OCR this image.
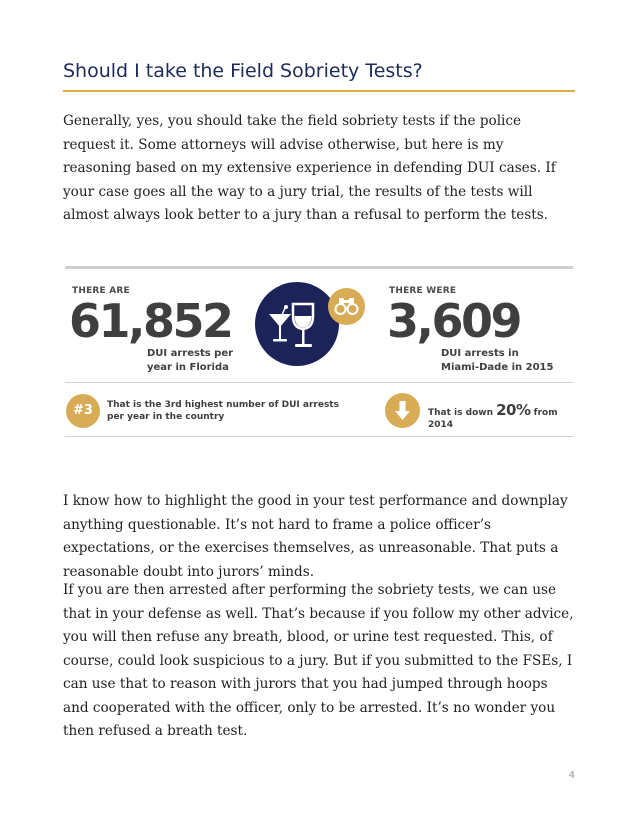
Should I take the Field Sobriety Tests?

Generally, yes, you should take the field sobriety tests if the police request it. Some attorneys will advise otherwise, but here is my reasoning based on my extensive experience in defending DUI cases. If your case goes all the way to a jury trial, the results of the tests will almost always look better to a jury than a refusal to perform the tests.

THERE ARE
61,852
DUI arrests per
year in Florida
THERE WERE
3,609
DUI arrests in
Miami-Dade in 2015
#3	That is the 3rd highest number of DUI arrests
per year in the country	That is down 20% from 2014

I know how to highlight the good in your test performance and downplay anything questionable. It’s not hard to frame a police officer’s expectations, or the exercises themselves, as unreasonable. That puts a reasonable doubt into jurors’ minds.

If you are then arrested after performing the sobriety tests, we can use that in your defense as well. That’s because if you follow my other advice, you will then refuse any breath, blood, or urine test requested. This, of course, could look suspicious to a jury. But if you submitted to the FSEs, I can use that to reason with jurors that you had jumped through hoops and cooperated with the officer, only to be arrested. It’s no wonder you then refused a breath test.

4
